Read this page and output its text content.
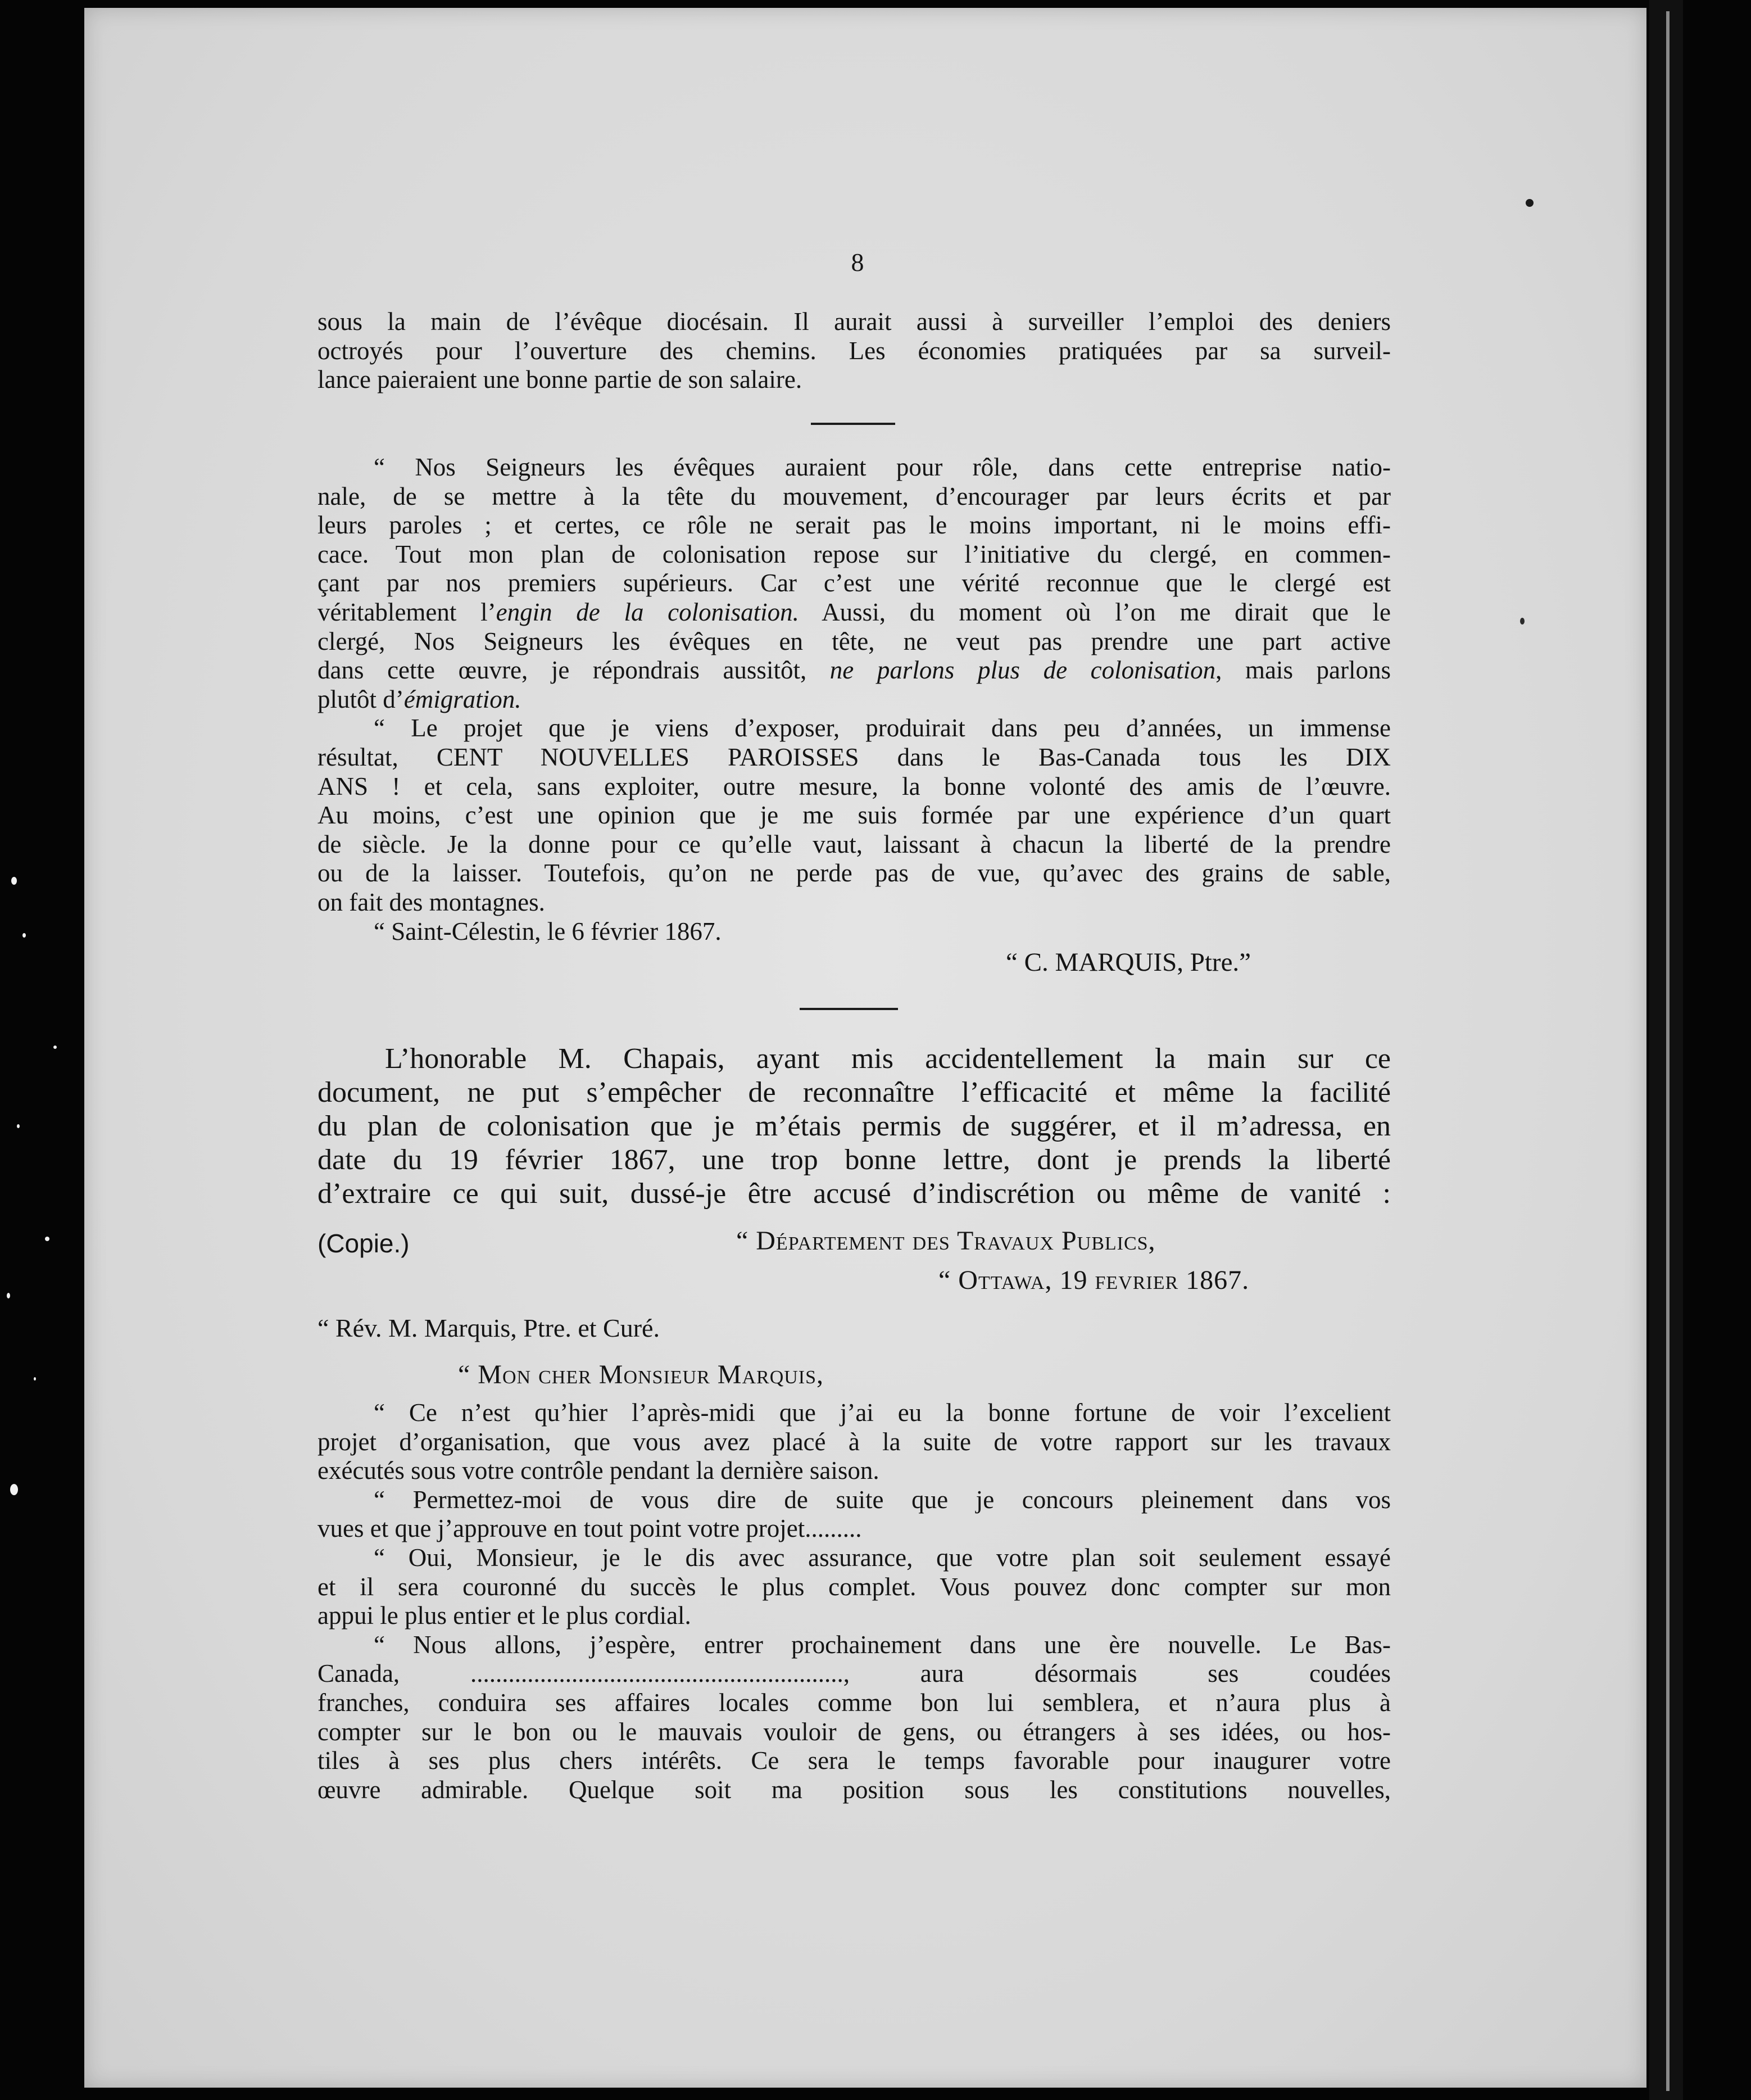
8
sous la main de l’évêque diocésain. Il aurait aussi à surveiller l’emploi des deniers
octroyés pour l’ouverture des chemins. Les économies pratiquées par sa surveil-
lance paieraient une bonne partie de son salaire.
“ Nos Seigneurs les évêques auraient pour rôle, dans cette entreprise natio-
nale, de se mettre à la tête du mouvement, d’encourager par leurs écrits et par
leurs paroles ; et certes, ce rôle ne serait pas le moins important, ni le moins effi-
cace. Tout mon plan de colonisation repose sur l’initiative du clergé, en commen-
çant par nos premiers supérieurs. Car c’est une vérité reconnue que le clergé est
véritablement l’engin de la colonisation. Aussi, du moment où l’on me dirait que le
clergé, Nos Seigneurs les évêques en tête, ne veut pas prendre une part active
dans cette œuvre, je répondrais aussitôt, ne parlons plus de colonisation, mais parlons
plutôt d’émigration.
“ Le projet que je viens d’exposer, produirait dans peu d’années, un immense
résultat, CENT NOUVELLES PAROISSES dans le Bas-Canada tous les DIX
ANS ! et cela, sans exploiter, outre mesure, la bonne volonté des amis de l’œuvre.
Au moins, c’est une opinion que je me suis formée par une expérience d’un quart
de siècle. Je la donne pour ce qu’elle vaut, laissant à chacun la liberté de la prendre
ou de la laisser. Toutefois, qu’on ne perde pas de vue, qu’avec des grains de sable,
on fait des montagnes.
“ Saint-Célestin, le 6 février 1867.
“ C. MARQUIS, Ptre.”
L’honorable M. Chapais, ayant mis accidentellement la main sur ce
document, ne put s’empêcher de reconnaître l’efficacité et même la facilité
du plan de colonisation que je m’étais permis de suggérer, et il m’adressa, en
date du 19 février 1867, une trop bonne lettre, dont je prends la liberté
d’extraire ce qui suit, dussé-je être accusé d’indiscrétion ou même de vanité :
(Copie.)	“ Département des Travaux Publics,
“ Ottawa, 19 fevrier 1867.
“ Rév. M. Marquis, Ptre. et Curé.
“ Mon cher Monsieur Marquis,
“ Ce n’est qu’hier l’après-midi que j’ai eu la bonne fortune de voir l’excelient
projet d’organisation, que vous avez placé à la suite de votre rapport sur les travaux
exécutés sous votre contrôle pendant la dernière saison.
“ Permettez-moi de vous dire de suite que je concours pleinement dans vos
vues et que j’approuve en tout point votre projet.........
“ Oui, Monsieur, je le dis avec assurance, que votre plan soit seulement essayé
et il sera couronné du succès le plus complet. Vous pouvez donc compter sur mon
appui le plus entier et le plus cordial.
“ Nous allons, j’espère, entrer prochainement dans une ère nouvelle. Le Bas-
Canada, ..........................................................., aura désormais ses coudées
franches, conduira ses affaires locales comme bon lui semblera, et n’aura plus à
compter sur le bon ou le mauvais vouloir de gens, ou étrangers à ses idées, ou hos-
tiles à ses plus chers intérêts. Ce sera le temps favorable pour inaugurer votre
œuvre admirable. Quelque soit ma position sous les constitutions nouvelles,
